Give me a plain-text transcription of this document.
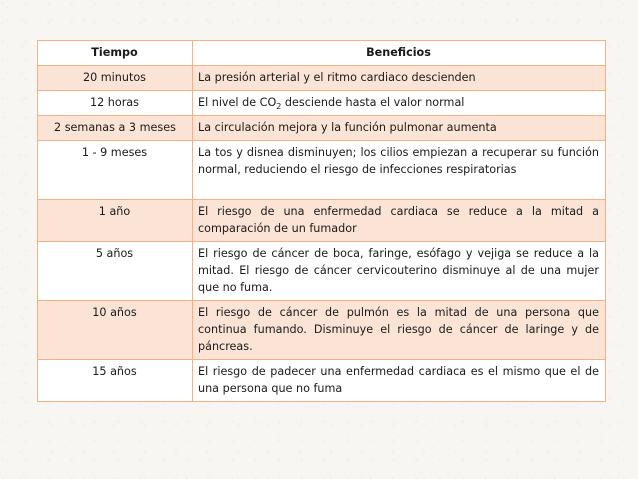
Tiempo	Beneficios
20 minutos	La presión arterial y el ritmo cardiaco descienden
12 horas	El nivel de $CO_2$ desciende hasta el valor normal
2 semanas a 3 meses	La circulación mejora y la función pulmonar aumenta
1 - 9 meses	La tos y disnea disminuyen; los cilios empiezan a recuperar su función normal, reduciendo el riesgo de infecciones respiratorias
1 año	El riesgo de una enfermedad cardiaca se reduce a la mitad a comparación de un fumador
5 años	El riesgo de cáncer de boca, faringe, esófago y vejiga se reduce a la mitad. El riesgo de cáncer cervicouterino disminuye al de una mujer que no fuma.
10 años	El riesgo de cáncer de pulmón es la mitad de una persona que continua fumando. Disminuye el riesgo de cáncer de laringe y de páncreas.
15 años	El riesgo de padecer una enfermedad cardiaca es el mismo que el de una persona que no fuma
